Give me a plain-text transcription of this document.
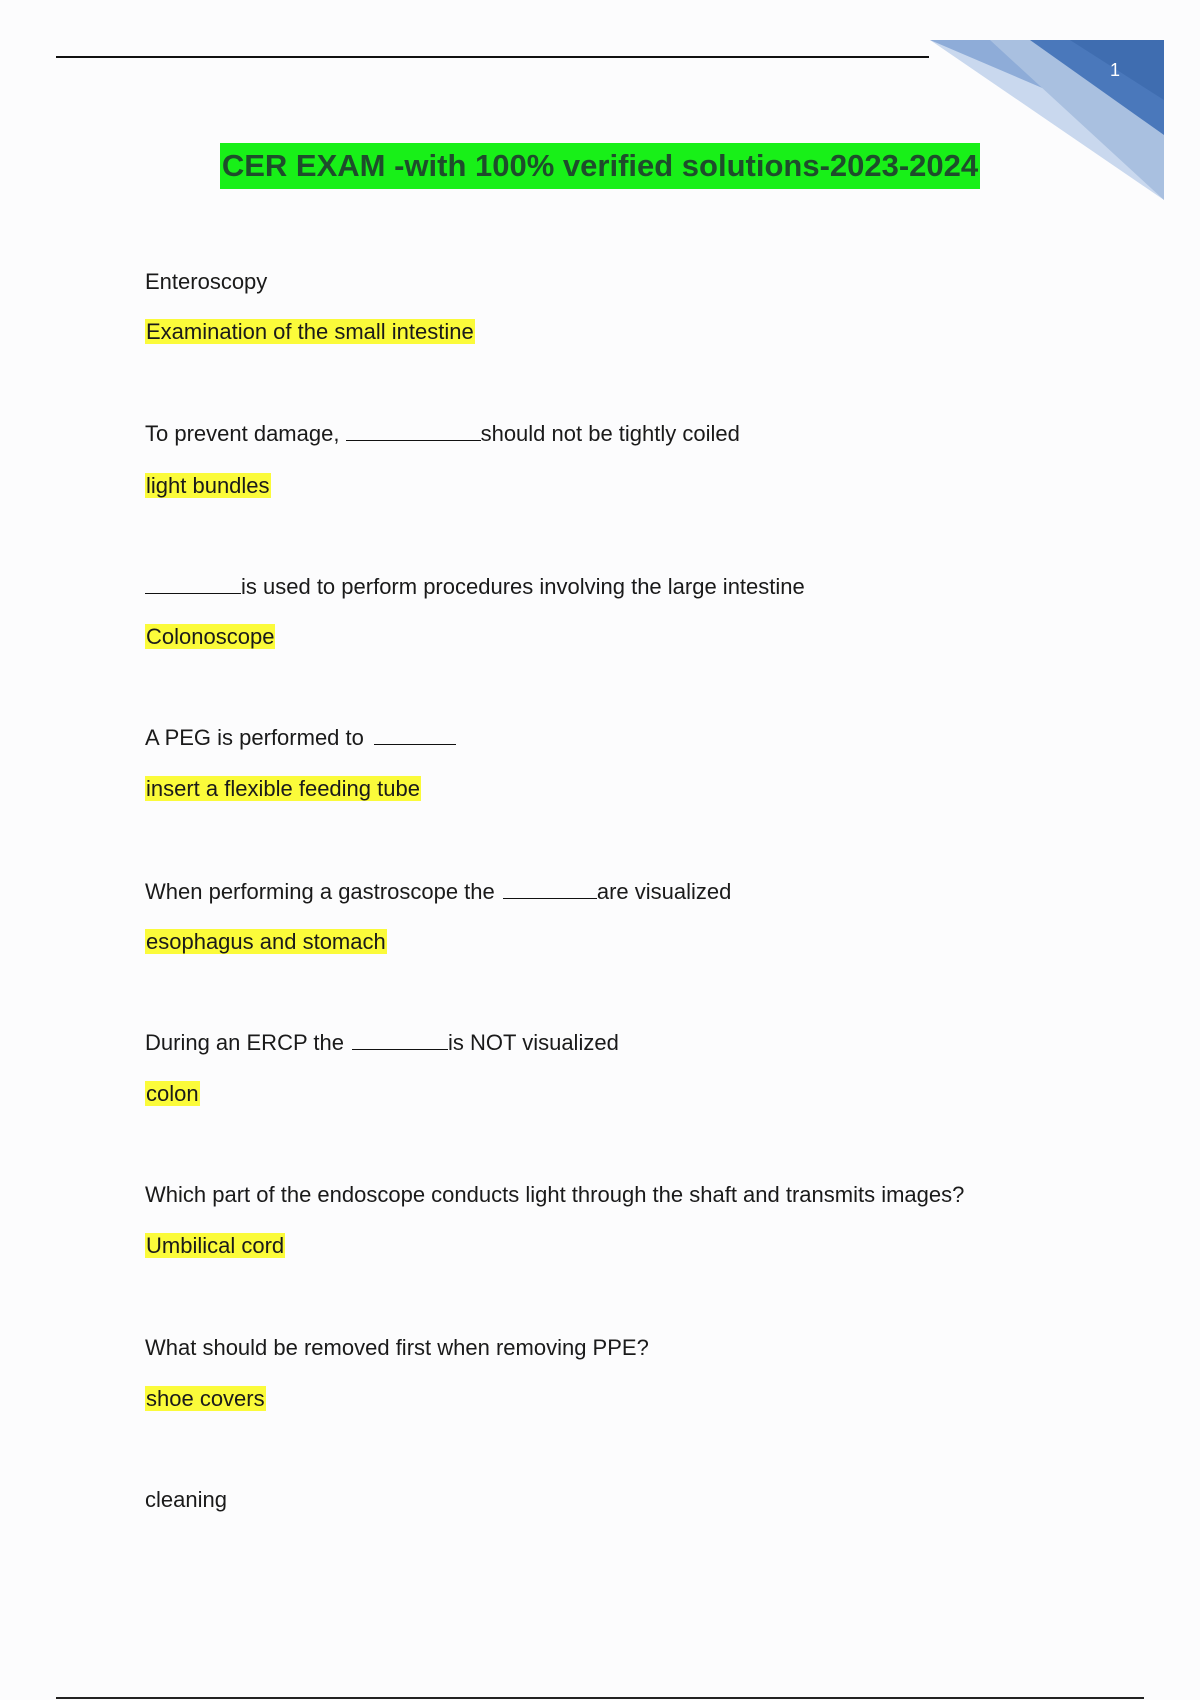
1
CER EXAM -with 100% verified solutions-2023-2024
Enteroscopy
Examination of the small intestine
To prevent damage,	should not be tightly coiled
light bundles
is used to perform procedures involving the large intestine
Colonoscope
A PEG is performed to
insert a flexible feeding tube
When performing a gastroscope the	are visualized
esophagus and stomach
During an ERCP the	is NOT visualized
colon
Which part of the endoscope conducts light through the shaft and transmits images?
Umbilical cord
What should be removed first when removing PPE?
shoe covers
cleaning
